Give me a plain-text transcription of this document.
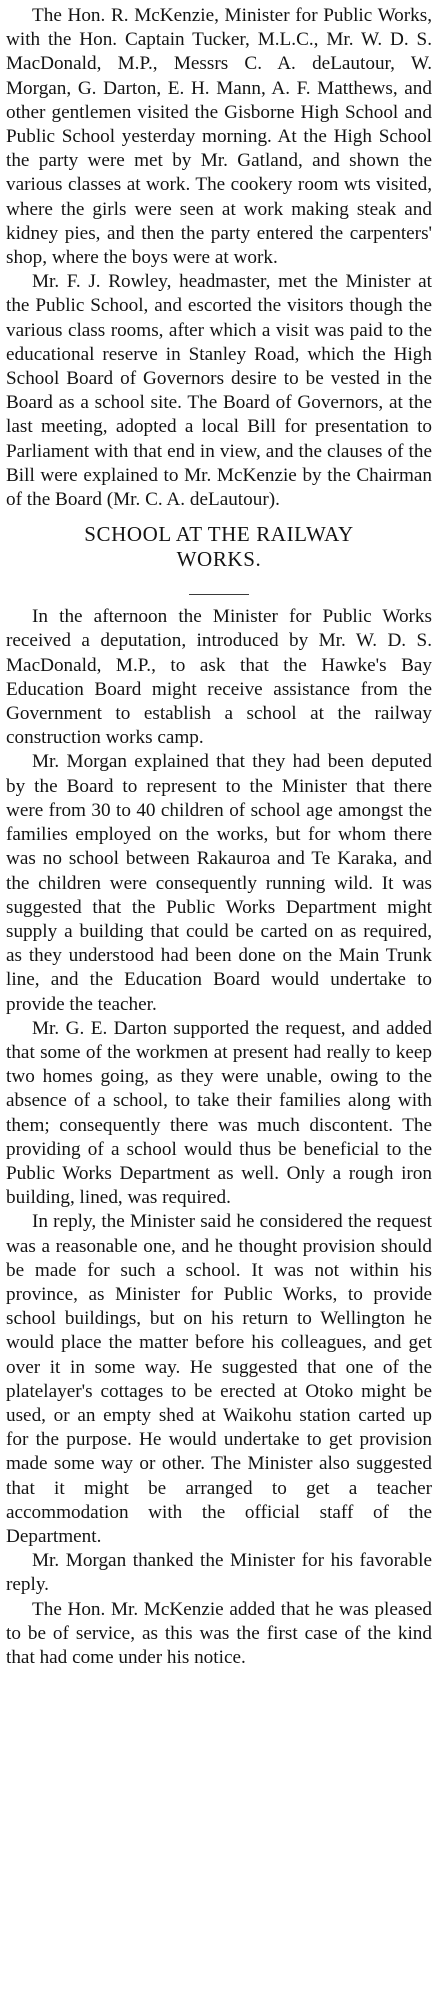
The Hon. R. McKenzie, Minister for Public Works, with the Hon. Captain Tucker, M.L.C., Mr. W. D. S. MacDonald, M.P., Messrs C. A. deLautour, W. Morgan, G. Darton, E. H. Mann, A. F. Matthews, and other gentlemen visited the Gisborne High School and Public School yesterday morning. At the High School the party were met by Mr. Gatland, and shown the various classes at work. The cookery room wts visited, where the girls were seen at work making steak and kidney pies, and then the party entered the carpenters' shop, where the boys were at work.

Mr. F. J. Rowley, headmaster, met the Minister at the Public School, and escorted the visitors though the various class rooms, after which a visit was paid to the educational reserve in Stanley Road, which the High School Board of Governors desire to be vested in the Board as a school site. The Board of Governors, at the last meeting, adopted a local Bill for presentation to Parliament with that end in view, and the clauses of the Bill were explained to Mr. McKenzie by the Chairman of the Board (Mr. C. A. deLautour).

SCHOOL AT THE RAILWAY
WORKS.

In the afternoon the Minister for Public Works received a deputation, introduced by Mr. W. D. S. MacDonald, M.P., to ask that the Hawke's Bay Education Board might receive assistance from the Government to establish a school at the railway construction works camp.

Mr. Morgan explained that they had been deputed by the Board to represent to the Minister that there were from 30 to 40 children of school age amongst the families employed on the works, but for whom there was no school between Rakauroa and Te Karaka, and the children were consequently running wild. It was suggested that the Public Works Department might supply a building that could be carted on as required, as they understood had been done on the Main Trunk line, and the Education Board would undertake to provide the teacher.

Mr. G. E. Darton supported the request, and added that some of the workmen at present had really to keep two homes going, as they were unable, owing to the absence of a school, to take their families along with them; consequently there was much discontent. The providing of a school would thus be beneficial to the Public Works Department as well. Only a rough iron building, lined, was required.

In reply, the Minister said he considered the request was a reasonable one, and he thought provision should be made for such a school. It was not within his province, as Minister for Public Works, to provide school buildings, but on his return to Wellington he would place the matter before his colleagues, and get over it in some way. He suggested that one of the platelayer's cottages to be erected at Otoko might be used, or an empty shed at Waikohu station carted up for the purpose. He would undertake to get provision made some way or other. The Minister also suggested that it might be arranged to get a teacher accommodation with the official staff of the Department.

Mr. Morgan thanked the Minister for his favorable reply.

The Hon. Mr. McKenzie added that he was pleased to be of service, as this was the first case of the kind that had come under his notice.
